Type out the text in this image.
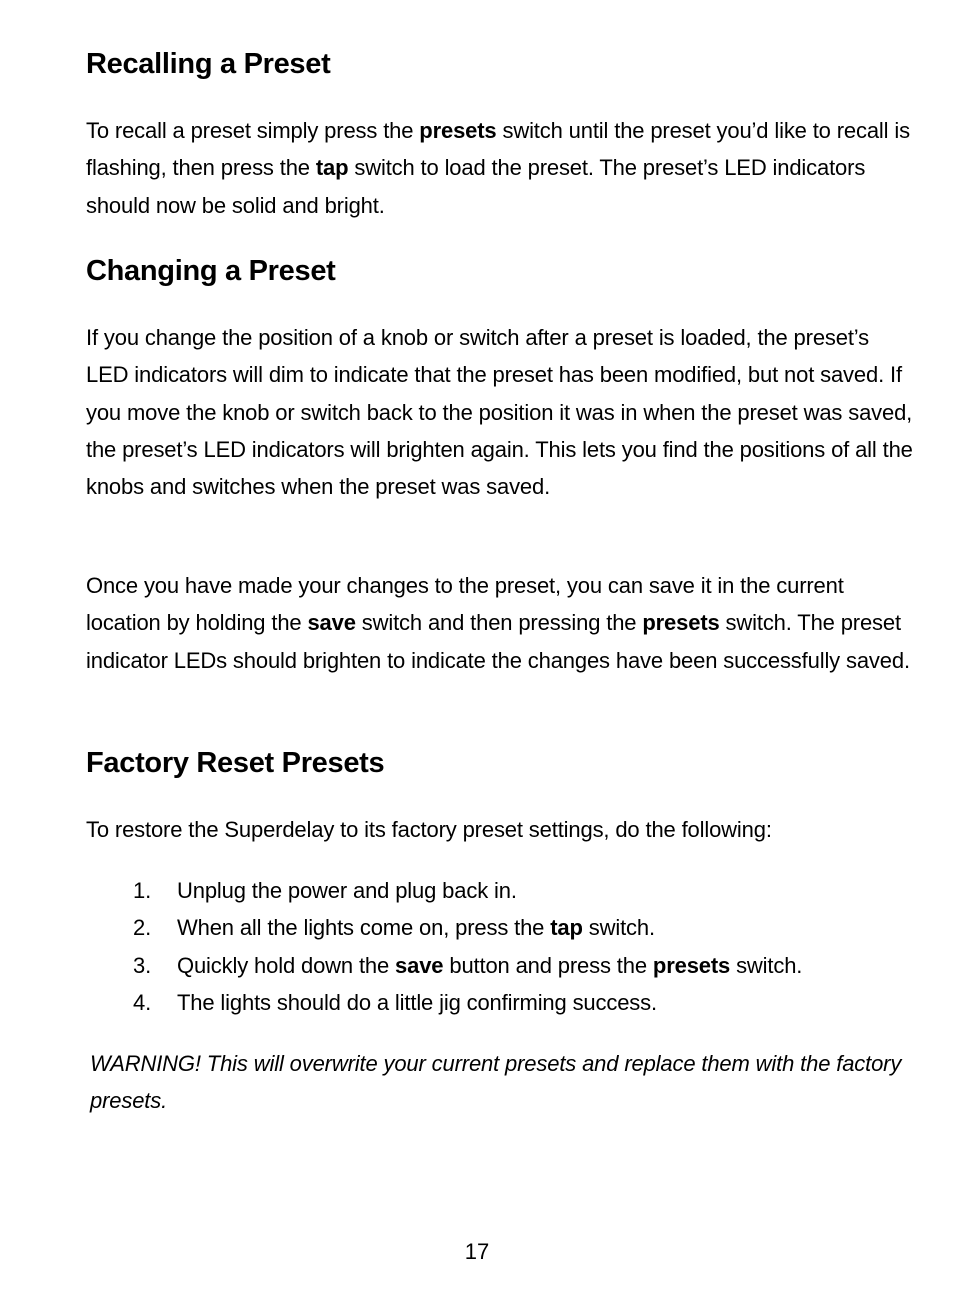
Recalling a Preset

To recall a preset simply press the presets switch until the preset you’d like to recall is flashing, then press the tap switch to load the preset. The preset’s LED indicators should now be solid and bright.

Changing a Preset

If you change the position of a knob or switch after a preset is loaded, the preset’s LED indicators will dim to indicate that the preset has been modified, but not saved. If you move the knob or switch back to the position it was in when the preset was saved, the preset’s LED indicators will brighten again. This lets you find the positions of all the knobs and switches when the preset was saved.

Once you have made your changes to the preset, you can save it in the current location by holding the save switch and then pressing the presets switch. The preset indicator LEDs should brighten to indicate the changes have been successfully saved.

Factory Reset Presets

To restore the Superdelay to its factory preset settings, do the following:

1. Unplug the power and plug back in.
2. When all the lights come on, press the tap switch.
3. Quickly hold down the save button and press the presets switch.
4. The lights should do a little jig confirming success.

WARNING! This will overwrite your current presets and replace them with the factory presets.

17
